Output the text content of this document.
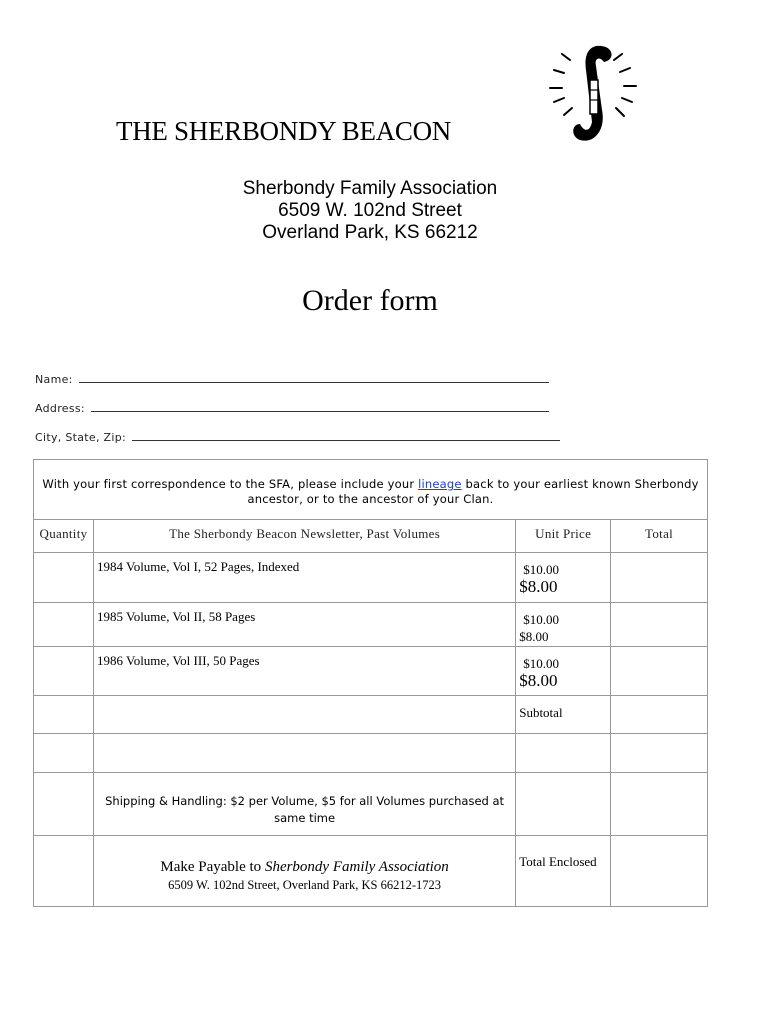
THE SHERBONDY BEACON
Sherbondy Family Association
6509 W. 102nd Street
Overland Park, KS 66212
Order form
Name:
Address:
City, State, Zip:
With your first correspondence to the SFA, please include your lineage back to your earliest known Sherbondy ancestor, or to the ancestor of your Clan.
Quantity	The Sherbondy Beacon Newsletter, Past Volumes	Unit Price	Total
	1984 Volume, Vol I, 52 Pages, Indexed	$10.00
$8.00	

	1985 Volume, Vol II, 58 Pages	$10.00
$8.00	

	1986 Volume, Vol III, 50 Pages	$10.00
$8.00	

		Subtotal	

	Shipping & Handling: $2 per Volume, $5 for all Volumes purchased at same time		

	Make Payable to Sherbondy Family Association
6509 W. 102nd Street, Overland Park, KS 66212-1723	Total Enclosed	
